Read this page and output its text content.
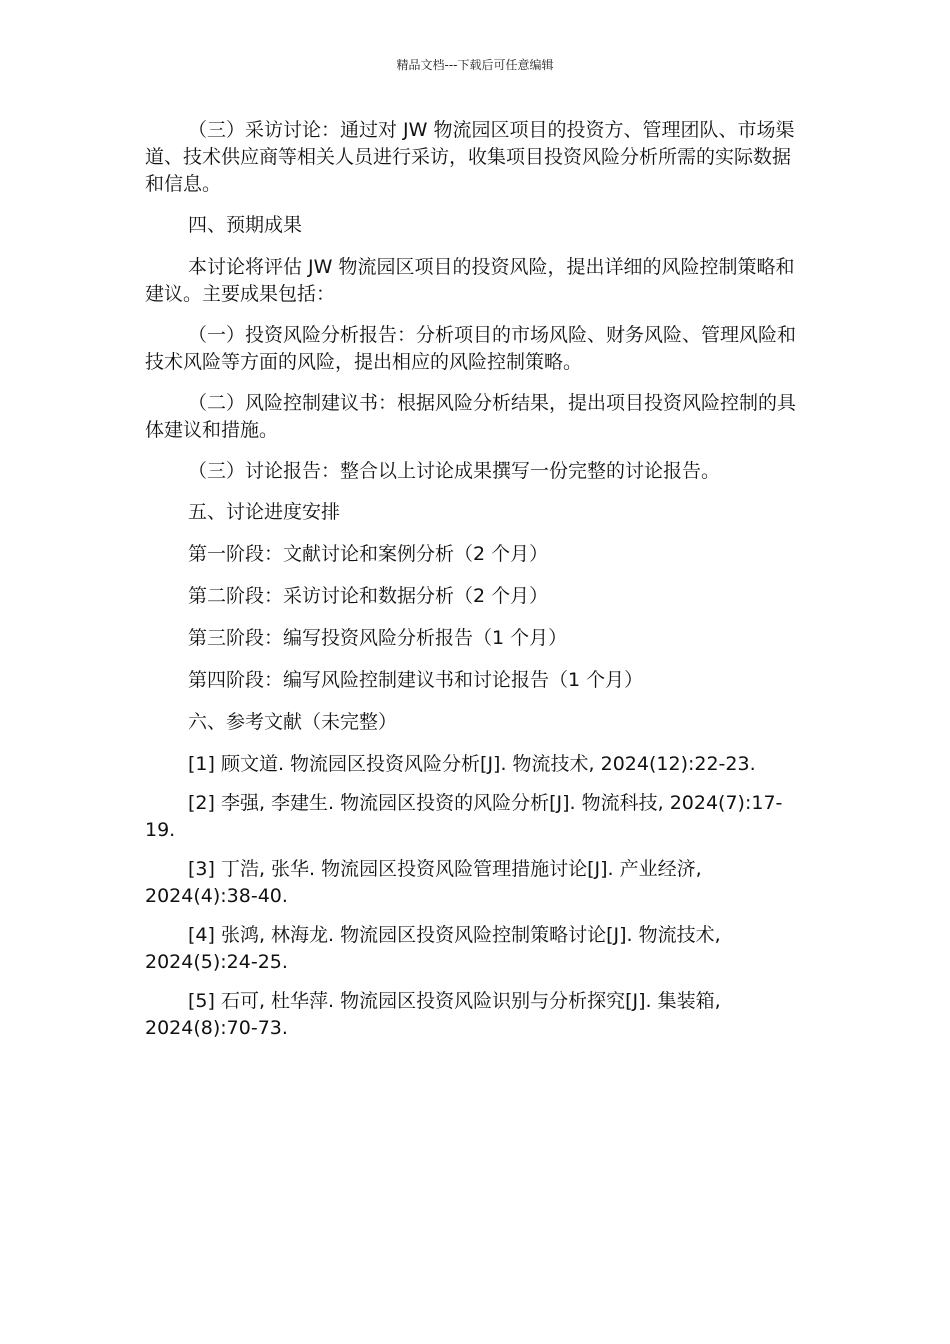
精品文档---下载后可任意编辑

（三）采访讨论：通过对 JW 物流园区项目的投资方、管理团队、市场渠道、技术供应商等相关人员进行采访，收集项目投资风险分析所需的实际数据和信息。

四、预期成果

本讨论将评估 JW 物流园区项目的投资风险，提出详细的风险控制策略和建议。主要成果包括：

（一）投资风险分析报告：分析项目的市场风险、财务风险、管理风险和技术风险等方面的风险，提出相应的风险控制策略。

（二）风险控制建议书：根据风险分析结果，提出项目投资风险控制的具体建议和措施。

（三）讨论报告：整合以上讨论成果撰写一份完整的讨论报告。

五、讨论进度安排

第一阶段：文献讨论和案例分析（2 个月）

第二阶段：采访讨论和数据分析（2 个月）

第三阶段：编写投资风险分析报告（1 个月）

第四阶段：编写风险控制建议书和讨论报告（1 个月）

六、参考文献（未完整）

[1] 顾文道. 物流园区投资风险分析[J]. 物流技术, 2024(12):22-23.

[2] 李强, 李建生. 物流园区投资的风险分析[J]. 物流科技, 2024(7):17-19.

[3] 丁浩, 张华. 物流园区投资风险管理措施讨论[J]. 产业经济, 2024(4):38-40.

[4] 张鸿, 林海龙. 物流园区投资风险控制策略讨论[J]. 物流技术, 2024(5):24-25.

[5] 石可, 杜华萍. 物流园区投资风险识别与分析探究[J]. 集装箱, 2024(8):70-73.
